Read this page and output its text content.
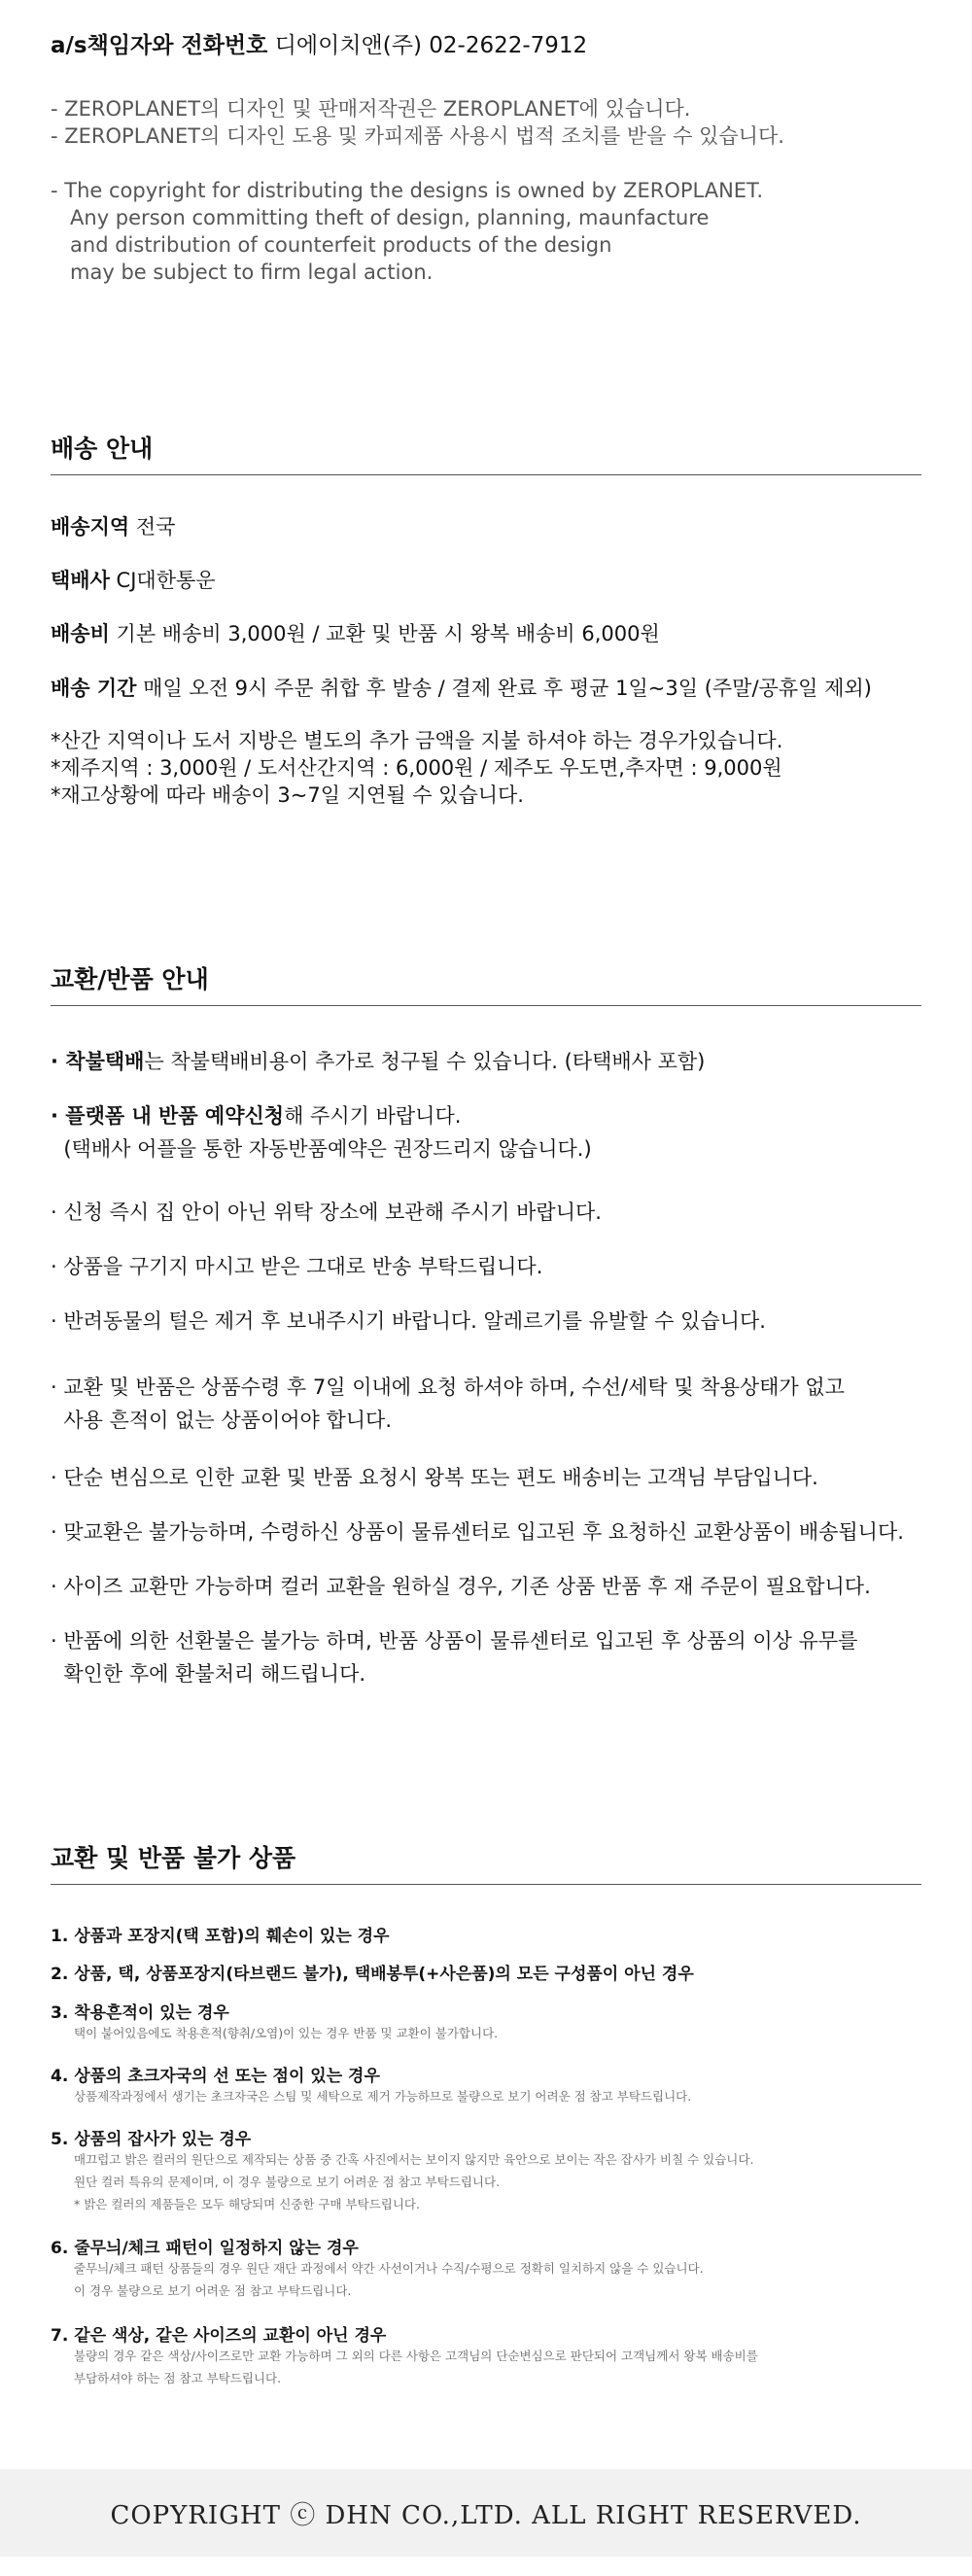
a/s책임자와 전화번호 디에이치앤(주) 02-2622-7912
- ZEROPLANET의 디자인 및 판매저작권은 ZEROPLANET에 있습니다.
- ZEROPLANET의 디자인 도용 및 카피제품 사용시 법적 조치를 받을 수 있습니다.
- The copyright for distributing the designs is owned by ZEROPLANET.
Any person committing theft of design, planning, maunfacture
and distribution of counterfeit products of the design
may be subject to firm legal action.
배송 안내
배송지역 전국
택배사 CJ대한통운
배송비 기본 배송비 3,000원 / 교환 및 반품 시 왕복 배송비 6,000원
배송 기간 매일 오전 9시 주문 취합 후 발송 / 결제 완료 후 평균 1일~3일 (주말/공휴일 제외)
*산간 지역이나 도서 지방은 별도의 추가 금액을 지불 하셔야 하는 경우가있습니다.
*제주지역 : 3,000원 / 도서산간지역 : 6,000원 / 제주도 우도면,추자면 : 9,000원
*재고상황에 따라 배송이 3~7일 지연될 수 있습니다.
교환/반품 안내
· 착불택배는 착불택배비용이 추가로 청구될 수 있습니다. (타택배사 포함)
· 플랫폼 내 반품 예약신청해 주시기 바랍니다.
(택배사 어플을 통한 자동반품예약은 권장드리지 않습니다.)
· 신청 즉시 집 안이 아닌 위탁 장소에 보관해 주시기 바랍니다.
· 상품을 구기지 마시고 받은 그대로 반송 부탁드립니다.
· 반려동물의 털은 제거 후 보내주시기 바랍니다. 알레르기를 유발할 수 있습니다.
· 교환 및 반품은 상품수령 후 7일 이내에 요청 하셔야 하며, 수선/세탁 및 착용상태가 없고
사용 흔적이 없는 상품이어야 합니다.
· 단순 변심으로 인한 교환 및 반품 요청시 왕복 또는 편도 배송비는 고객님 부담입니다.
· 맞교환은 불가능하며, 수령하신 상품이 물류센터로 입고된 후 요청하신 교환상품이 배송됩니다.
· 사이즈 교환만 가능하며 컬러 교환을 원하실 경우, 기존 상품 반품 후 재 주문이 필요합니다.
· 반품에 의한 선환불은 불가능 하며, 반품 상품이 물류센터로 입고된 후 상품의 이상 유무를
확인한 후에 환불처리 해드립니다.
교환 및 반품 불가 상품
1. 상품과 포장지(택 포함)의 훼손이 있는 경우
2. 상품, 택, 상품포장지(타브랜드 불가), 택배봉투(+사은품)의 모든 구성품이 아닌 경우
3. 착용흔적이 있는 경우
택이 붙어있음에도 착용흔적(향취/오염)이 있는 경우 반품 및 교환이 불가합니다.
4. 상품의 초크자국의 선 또는 점이 있는 경우
상품제작과정에서 생기는 초크자국은 스팀 및 세탁으로 제거 가능하므로 불량으로 보기 어려운 점 참고 부탁드립니다.
5. 상품의 잡사가 있는 경우
매끄럽고 밝은 컬러의 원단으로 제작되는 상품 중 간혹 사진에서는 보이지 않지만 육안으로 보이는 작은 잡사가 비칠 수 있습니다.
원단 컬러 특유의 문제이며, 이 경우 불량으로 보기 어려운 점 참고 부탁드립니다.
* 밝은 컬러의 제품들은 모두 해당되며 신중한 구매 부탁드립니다.
6. 줄무늬/체크 패턴이 일정하지 않는 경우
줄무늬/체크 패턴 상품들의 경우 원단 재단 과정에서 약간 사선이거나 수직/수평으로 정확히 일치하지 않을 수 있습니다.
이 경우 불량으로 보기 어려운 점 참고 부탁드립니다.
7. 같은 색상, 같은 사이즈의 교환이 아닌 경우
불량의 경우 같은 색상/사이즈로만 교환 가능하며 그 외의 다른 사항은 고객님의 단순변심으로 판단되어 고객님께서 왕복 배송비를
부담하셔야 하는 점 참고 부탁드립니다.
COPYRIGHT ⓒ DHN CO.,LTD. ALL RIGHT RESERVED.
